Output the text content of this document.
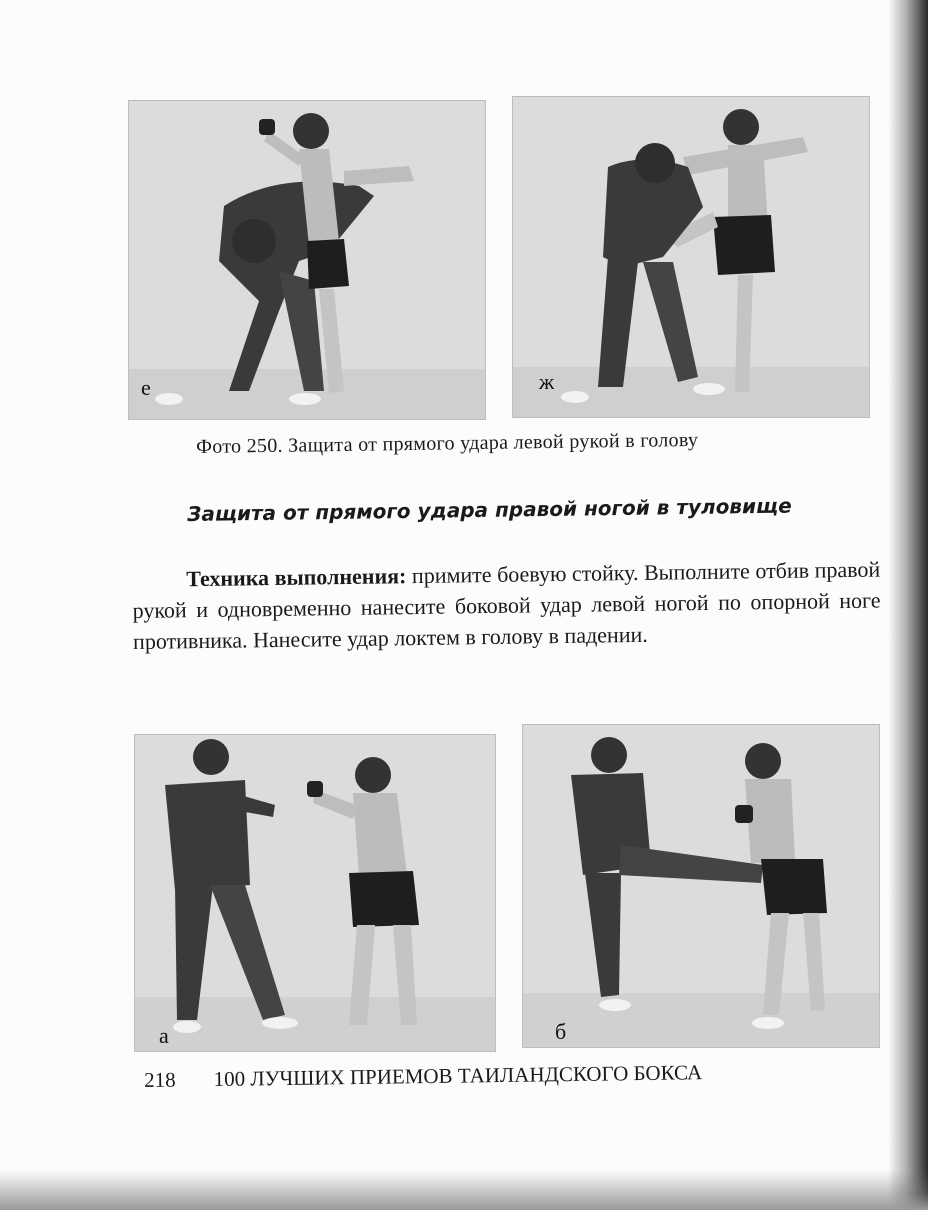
е	ж
Фото 250. Защита от прямого удара левой рукой в голову
Защита от прямого удара правой ногой в туловище
Техника выполнения: примите боевую стойку. Выполните отбив правой рукой и одновременно нанесите боковой удар левой ногой по опорной ноге противника. Нанесите удар локтем в голову в падении.
а	б
218 100 ЛУЧШИХ ПРИЕМОВ ТАИЛАНДСКОГО БОКСА
